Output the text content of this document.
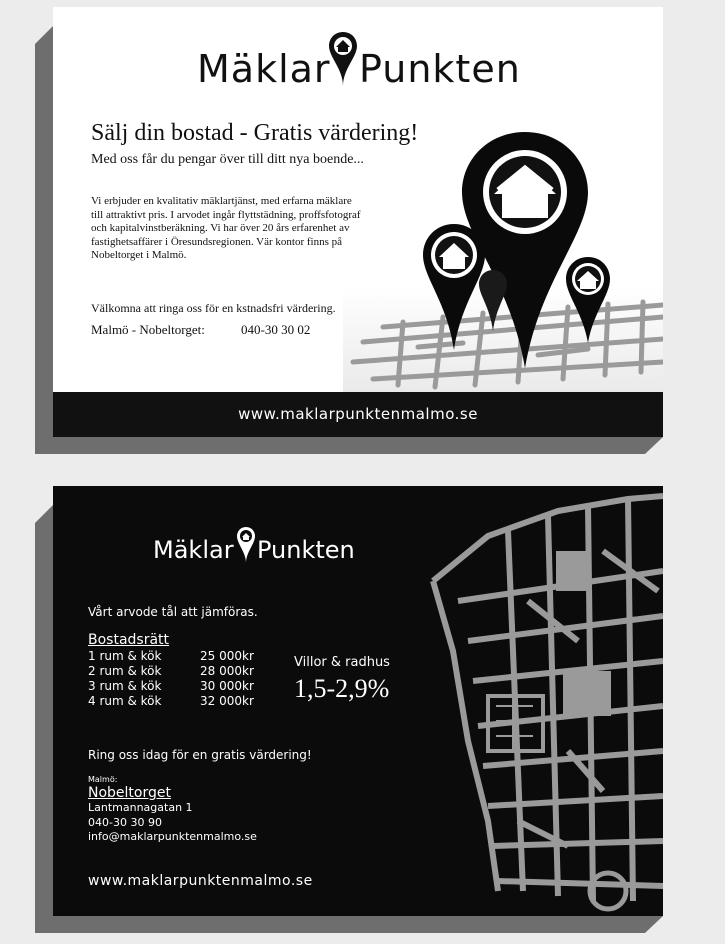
Mäklar Punkten
Sälj din bostad - Gratis värdering!
Med oss får du pengar över till ditt nya boende...
Vi erbjuder en kvalitativ mäklartjänst, med erfarna mäklare
till attraktivt pris. I arvodet ingår flyttstädning, proffsfotograf
och kapitalvinstberäkning. Vi har över 20 års erfarenhet av
fastighetsaffärer i Öresundsregionen. Vär kontor finns på
Nobeltorget i Malmö.
Välkomna att ringa oss för en kstnadsfri värdering.
Malmö - Nobeltorget:	040-30 30 02
www.maklarpunktenmalmo.se
Mäklar Punkten
Vårt arvode tål att jämföras.
Bostadsrätt
1 rum & kök	25 000kr
2 rum & kök	28 000kr
3 rum & kök	30 000kr
4 rum & kök	32 000kr
Villor & radhus
1,5-2,9%
Ring oss idag för en gratis värdering!
Malmö:
Nobeltorget
Lantmannagatan 1
040-30 30 90
info@maklarpunktenmalmo.se
www.maklarpunktenmalmo.se
